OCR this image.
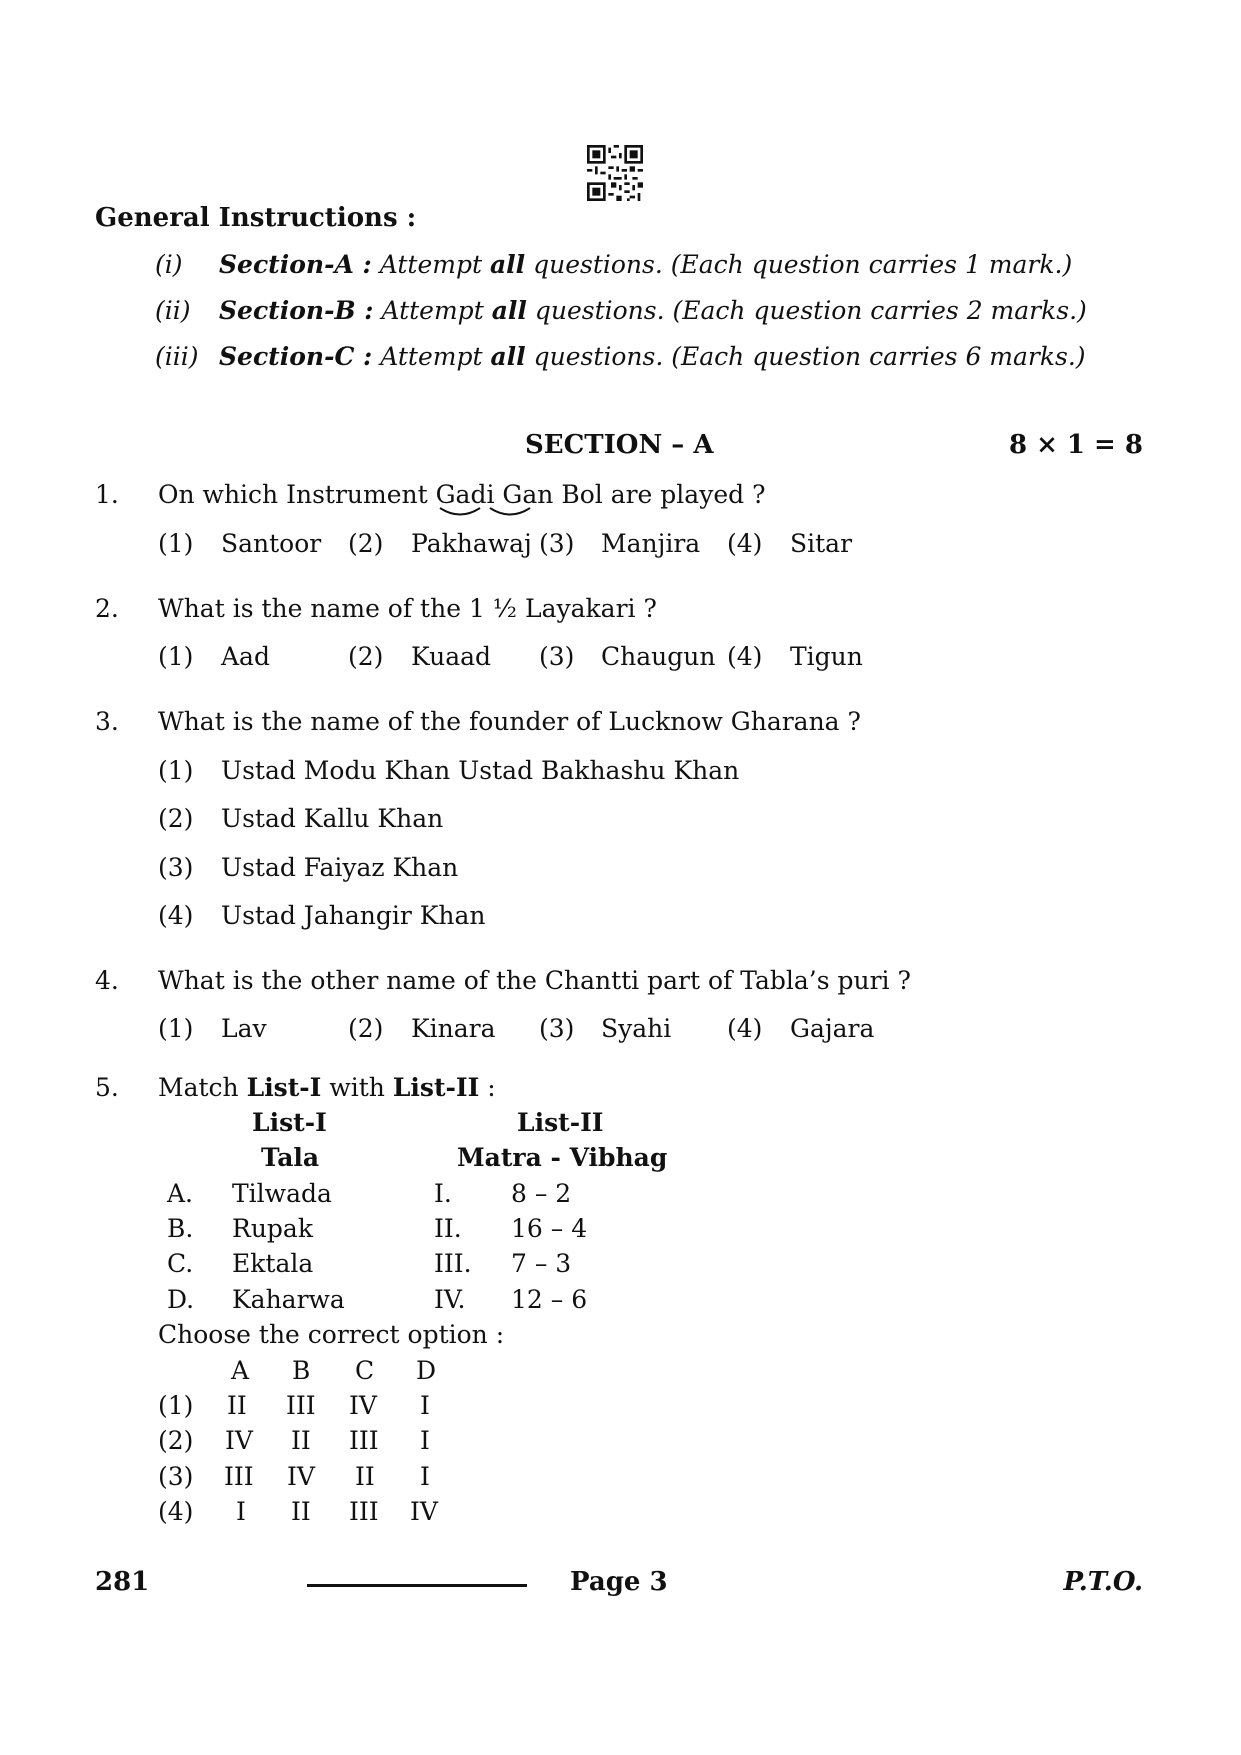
General Instructions :
(i) Section-A : Attempt all questions. (Each question carries 1 mark.)
(ii) Section-B : Attempt all questions. (Each question carries 2 marks.)
(iii) Section-C : Attempt all questions. (Each question carries 6 marks.)
SECTION – A	8 × 1 = 8
1. On which Instrument Gadi Gan Bol are played ?
(1) Santoor (2) Pakhawaj (3) Manjira (4) Sitar
2. What is the name of the 1 ½ Layakari ?
(1) Aad	(2) Kuaad (3) Chaugun (4) Tigun
3. What is the name of the founder of Lucknow Gharana ?
(1) Ustad Modu Khan Ustad Bakhashu Khan
(2) Ustad Kallu Khan
(3) Ustad Faiyaz Khan
(4) Ustad Jahangir Khan
4. What is the other name of the Chantti part of Tabla’s puri ?
(1) Lav	(2) Kinara (3) Syahi (4) Gajara
5. Match List-I with List-II :
List-I
Tala
List-II
Matra - Vibhag
A. Tilwada	I. 8 – 2
B. Rupak	II. 16 – 4
C. Ektala	III. 7 – 3
D. Kaharwa	IV. 12 – 6
Choose the correct option :
A B C D
(1) II III IV I
(2) IV II III I
(3) III IV II I
(4) I II III IV
281	Page 3	P.T.O.
